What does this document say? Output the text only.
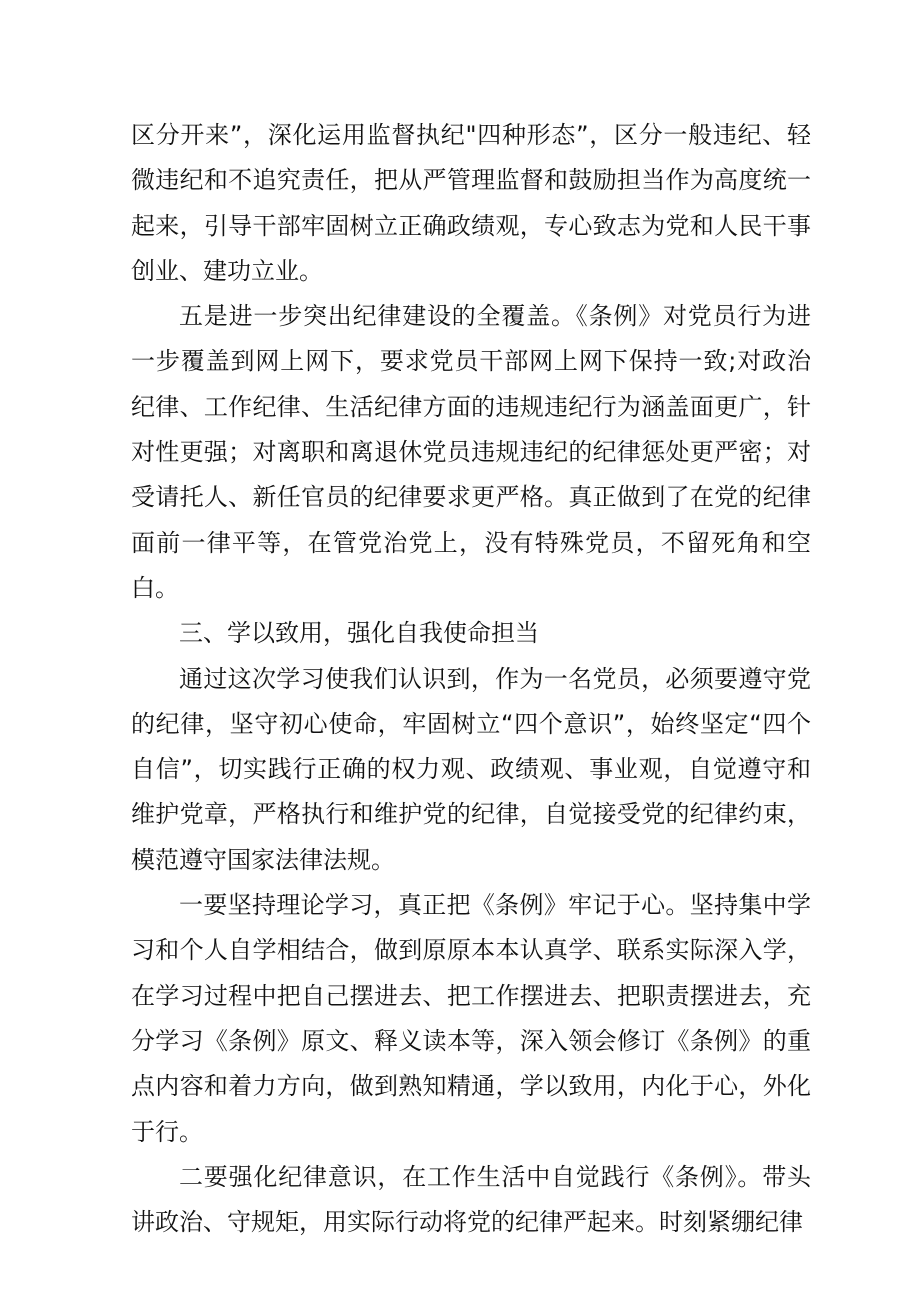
区分开来”，深化运用监督执纪"四种形态”，区分一般违纪、轻微违纪和不追究责任，把从严管理监督和鼓励担当作为高度统一起来，引导干部牢固树立正确政绩观，专心致志为党和人民干事创业、建功立业。

五是进一步突出纪律建设的全覆盖。《条例》对党员行为进一步覆盖到网上网下，要求党员干部网上网下保持一致;对政治纪律、工作纪律、生活纪律方面的违规违纪行为涵盖面更广，针对性更强；对离职和离退休党员违规违纪的纪律惩处更严密；对受请托人、新任官员的纪律要求更严格。真正做到了在党的纪律面前一律平等，在管党治党上，没有特殊党员，不留死角和空白。

三、学以致用，强化自我使命担当

通过这次学习使我们认识到，作为一名党员，必须要遵守党的纪律，坚守初心使命，牢固树立“四个意识”，始终坚定“四个自信”，切实践行正确的权力观、政绩观、事业观，自觉遵守和维护党章，严格执行和维护党的纪律，自觉接受党的纪律约束，模范遵守国家法律法规。

一要坚持理论学习，真正把《条例》牢记于心。坚持集中学习和个人自学相结合，做到原原本本认真学、联系实际深入学，在学习过程中把自己摆进去、把工作摆进去、把职责摆进去，充分学习《条例》原文、释义读本等，深入领会修订《条例》的重点内容和着力方向，做到熟知精通，学以致用，内化于心，外化于行。

二要强化纪律意识，在工作生活中自觉践行《条例》。带头讲政治、守规矩，用实际行动将党的纪律严起来。时刻紧绷纪律
